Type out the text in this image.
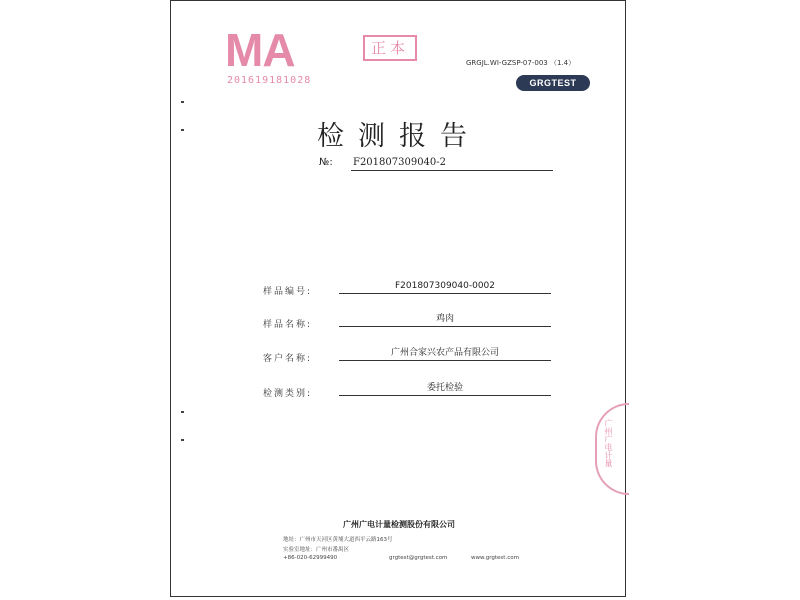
MA
201619181028
正本
GRGJL.WI-GZSP-07-003 （1.4）
GRGTEST
检测报告
№: F201807309040-2
样品编号:
F201807309040-0002
样品名称:
鸡肉
客户名称:
广州合家兴农产品有限公司
检测类别:
委托检验
广州广电计量
广州广电计量检测股份有限公司
地址：广州市天河区黄埔大道西平云路163号
实验室地址：广州市番禺区
+86-020-62999490	grgtest@grgtest.com	www.grgtest.com
